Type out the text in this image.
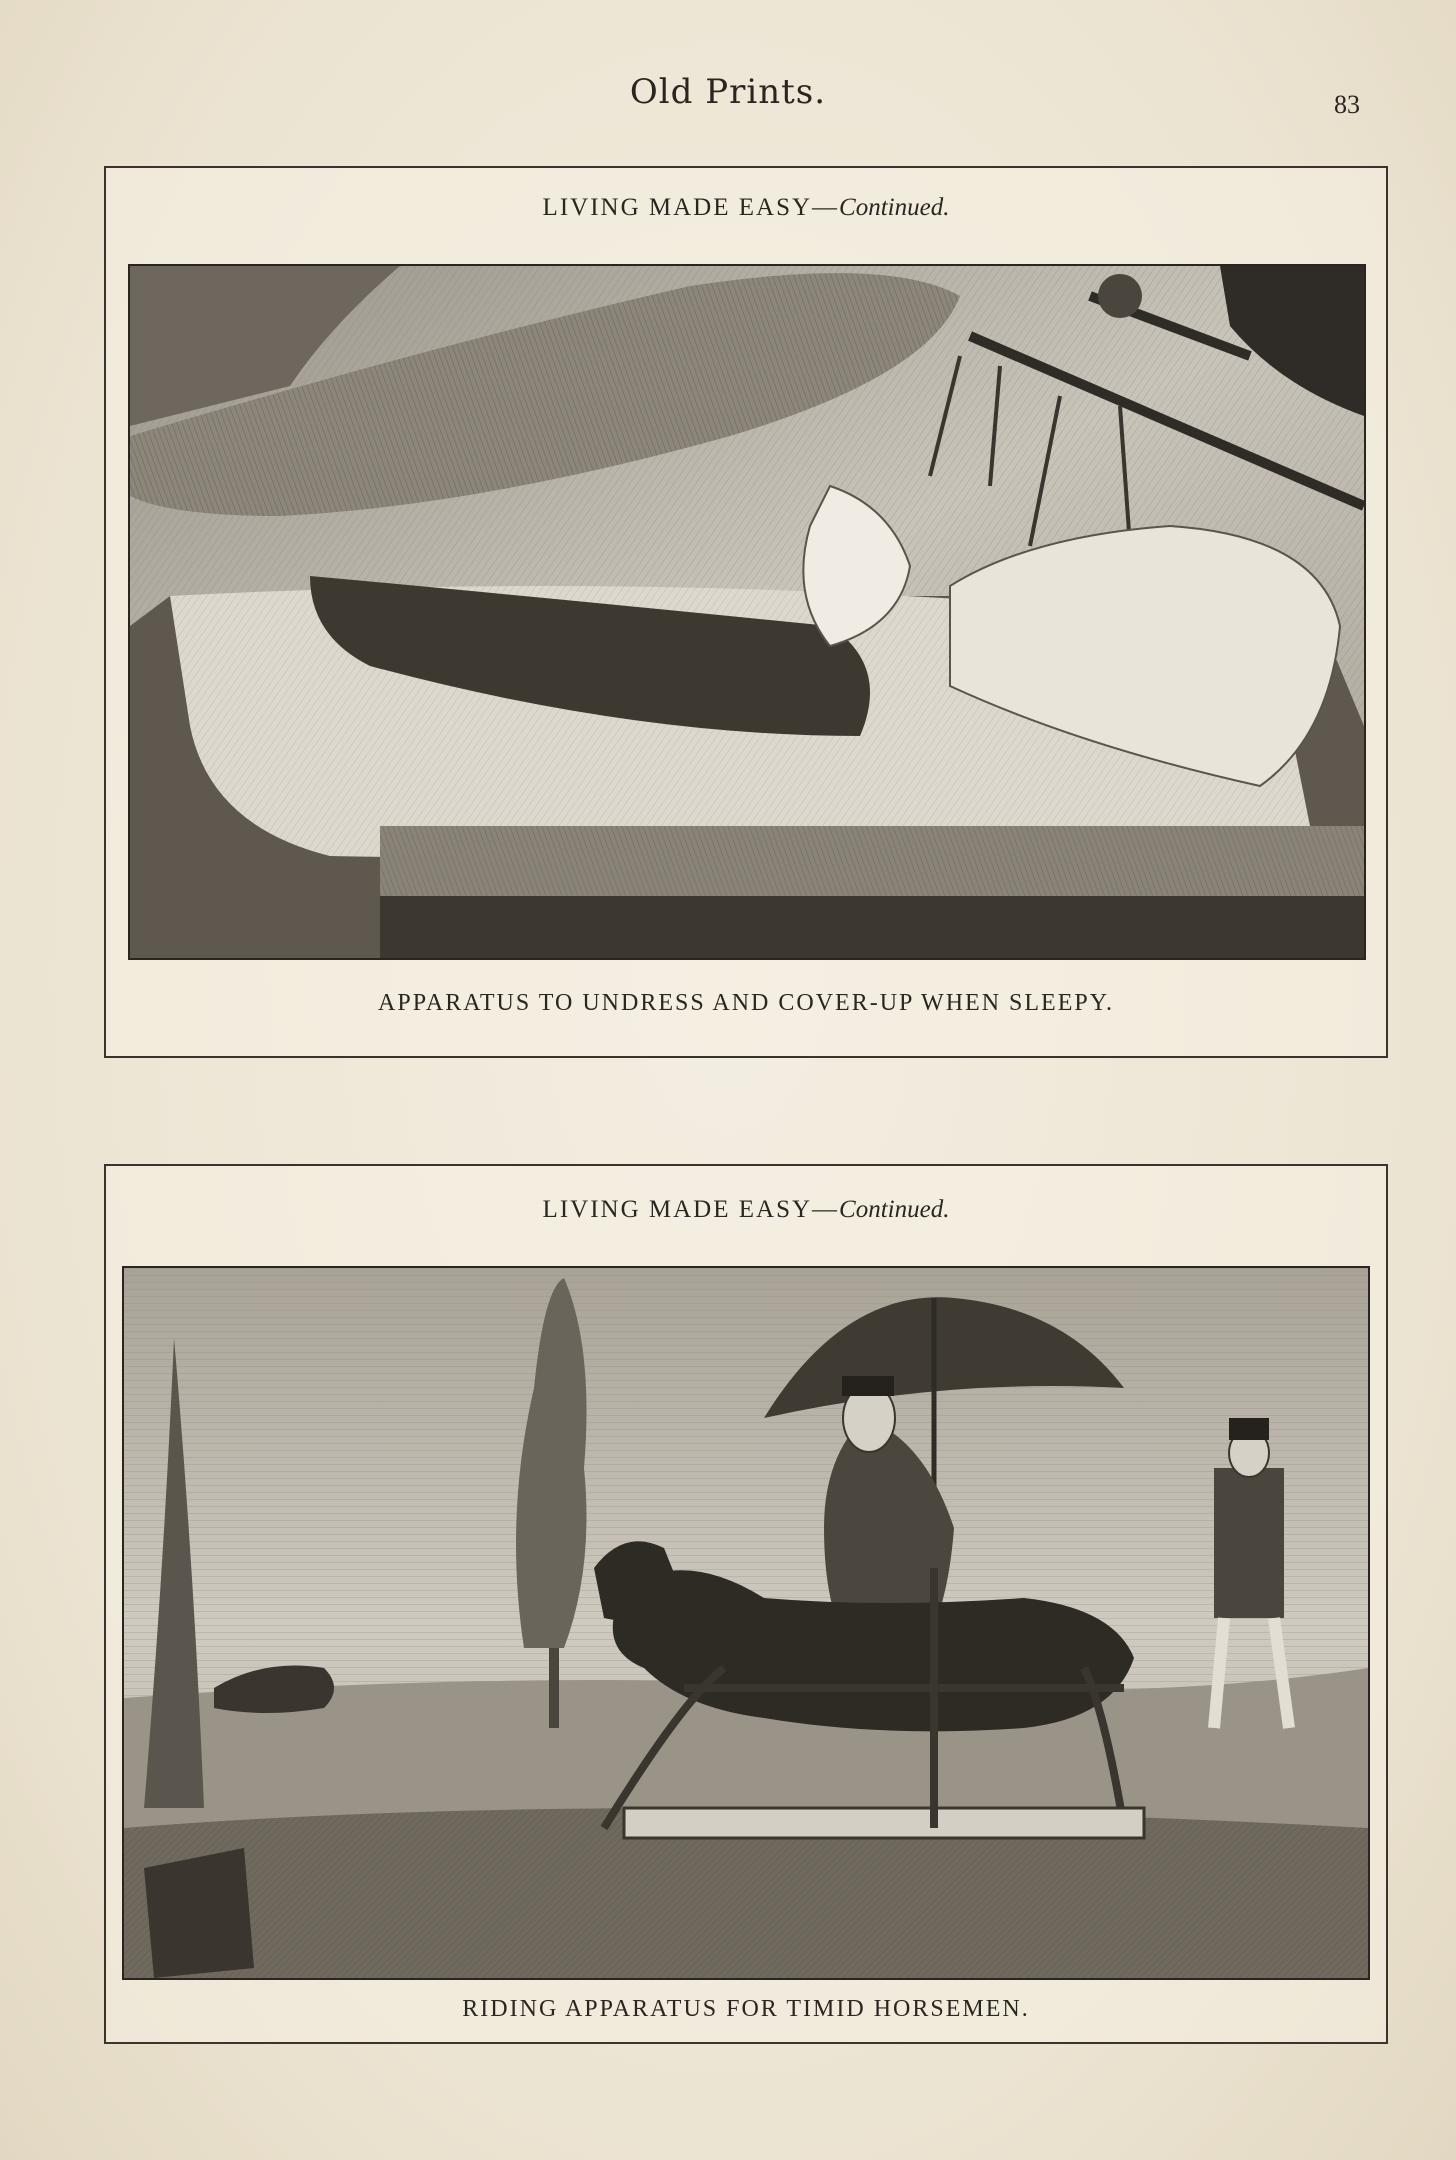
Old Prints.	83
LIVING MADE EASY—Continued.
APPARATUS TO UNDRESS AND COVER-UP WHEN SLEEPY.
LIVING MADE EASY—Continued.
RIDING APPARATUS FOR TIMID HORSEMEN.
